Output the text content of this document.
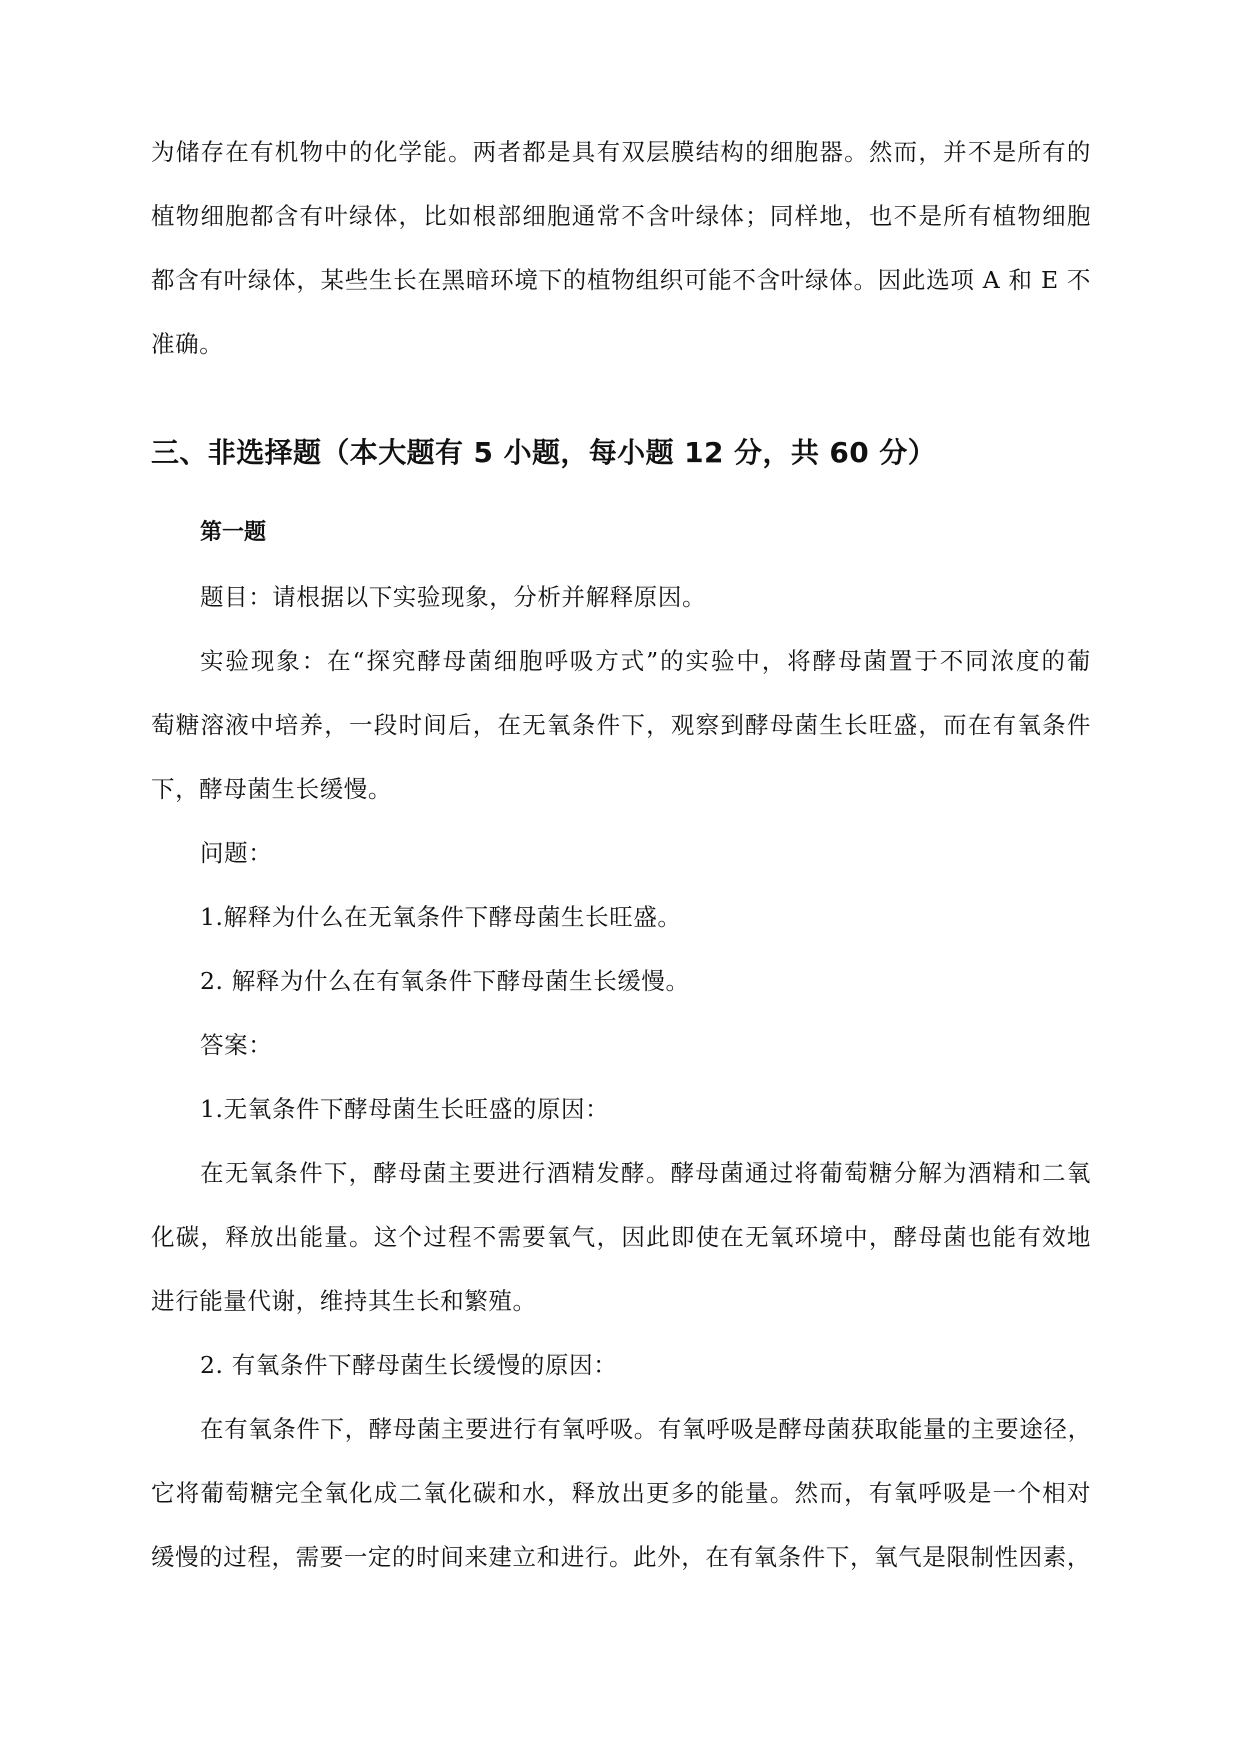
为储存在有机物中的化学能。两者都是具有双层膜结构的细胞器。然而，并不是所有的
植物细胞都含有叶绿体，比如根部细胞通常不含叶绿体；同样地，也不是所有植物细胞
都含有叶绿体，某些生长在黑暗环境下的植物组织可能不含叶绿体。因此选项 A 和 E 不
准确。
三、非选择题（本大题有 5 小题，每小题 12 分，共 60 分）
第一题
题目：请根据以下实验现象，分析并解释原因。
实验现象：在“探究酵母菌细胞呼吸方式”的实验中，将酵母菌置于不同浓度的葡
萄糖溶液中培养，一段时间后，在无氧条件下，观察到酵母菌生长旺盛，而在有氧条件
下，酵母菌生长缓慢。
问题：
1.解释为什么在无氧条件下酵母菌生长旺盛。
2. 解释为什么在有氧条件下酵母菌生长缓慢。
答案：
1.无氧条件下酵母菌生长旺盛的原因：
在无氧条件下，酵母菌主要进行酒精发酵。酵母菌通过将葡萄糖分解为酒精和二氧
化碳，释放出能量。这个过程不需要氧气，因此即使在无氧环境中，酵母菌也能有效地
进行能量代谢，维持其生长和繁殖。
2. 有氧条件下酵母菌生长缓慢的原因：
在有氧条件下，酵母菌主要进行有氧呼吸。有氧呼吸是酵母菌获取能量的主要途径，
它将葡萄糖完全氧化成二氧化碳和水，释放出更多的能量。然而，有氧呼吸是一个相对
缓慢的过程，需要一定的时间来建立和进行。此外，在有氧条件下，氧气是限制性因素，
